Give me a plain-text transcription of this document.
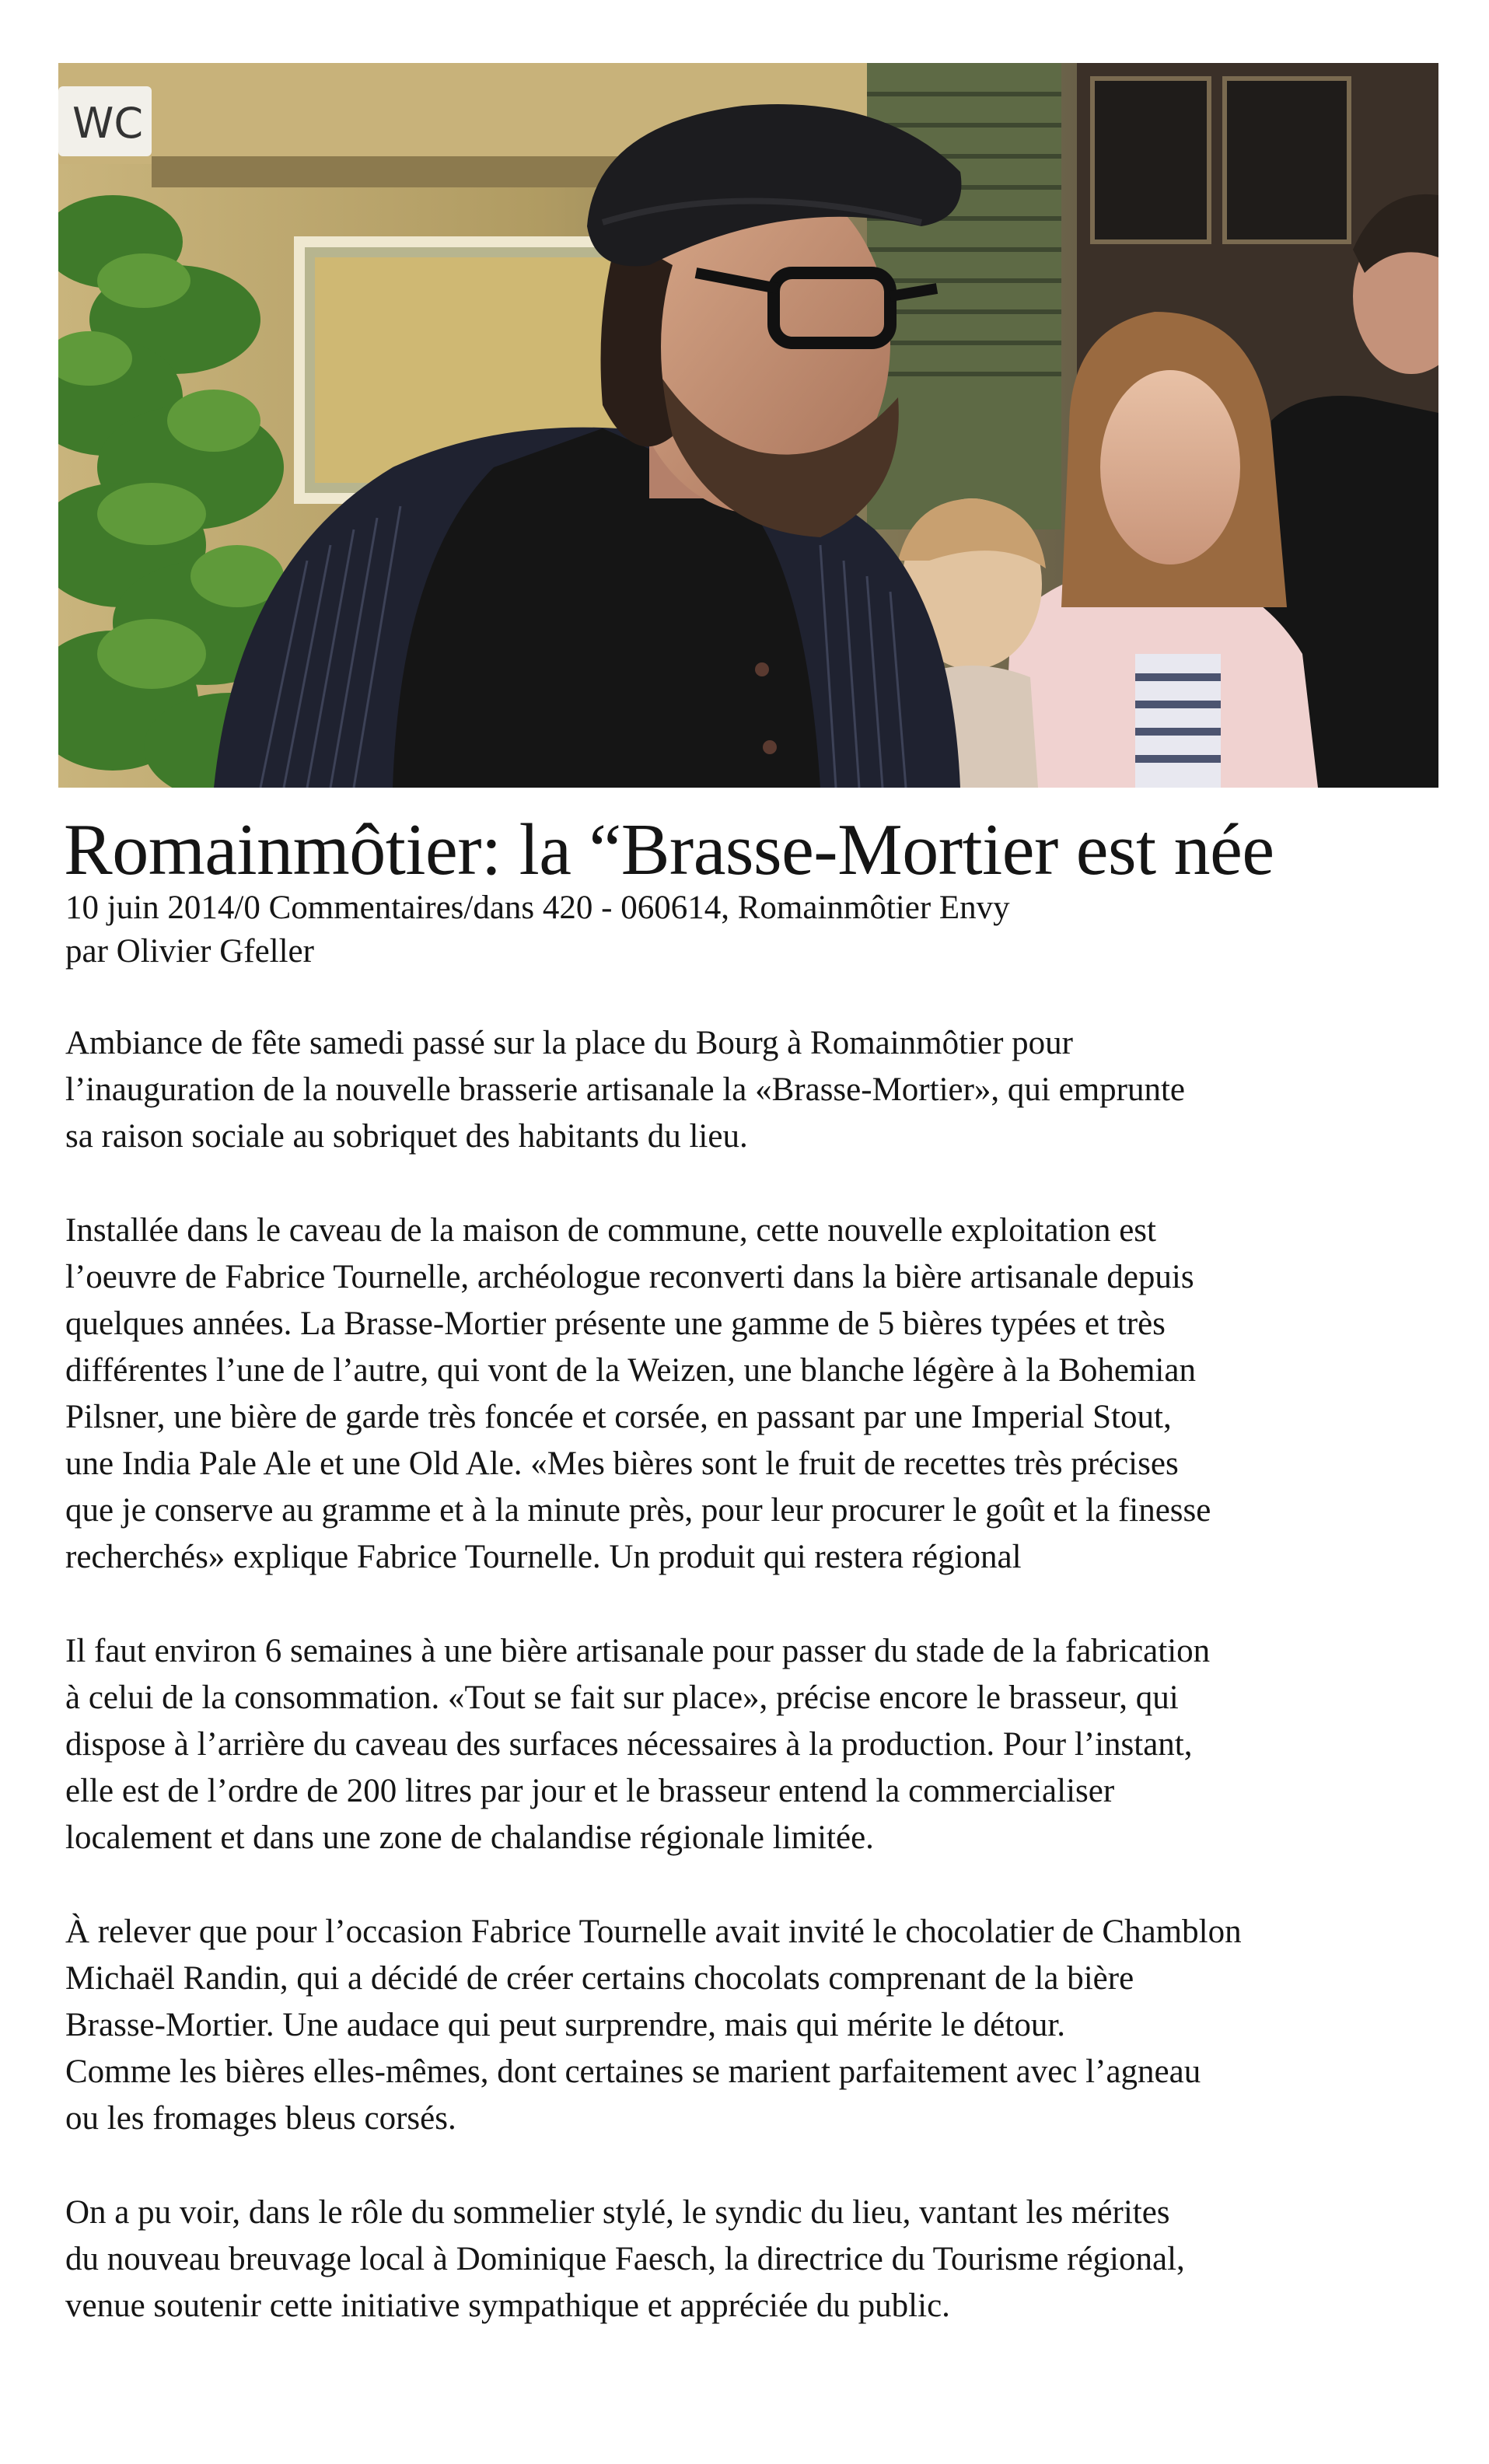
WC
Romainmôtier: la “Brasse-Mortier est née
10 juin 2014/0 Commentaires/dans 420 - 060614, Romainmôtier Envy
par Olivier Gfeller

Ambiance de fête samedi passé sur la place du Bourg à Romainmôtier pour
l’inauguration de la nouvelle brasserie artisanale la «Brasse-Mortier», qui emprunte
sa raison sociale au sobriquet des habitants du lieu.

Installée dans le caveau de la maison de commune, cette nouvelle exploitation est
l’oeuvre de Fabrice Tournelle, archéologue reconverti dans la bière artisanale depuis
quelques années. La Brasse-Mortier présente une gamme de 5 bières typées et très
différentes l’une de l’autre, qui vont de la Weizen, une blanche légère à la Bohemian
Pilsner, une bière de garde très foncée et corsée, en passant par une Imperial Stout,
une India Pale Ale et une Old Ale. «Mes bières sont le fruit de recettes très précises
que je conserve au gramme et à la minute près, pour leur procurer le goût et la finesse
recherchés» explique Fabrice Tournelle. Un produit qui restera régional

Il faut environ 6 semaines à une bière artisanale pour passer du stade de la fabrication
à celui de la consommation. «Tout se fait sur place», précise encore le brasseur, qui
dispose à l’arrière du caveau des surfaces nécessaires à la production. Pour l’instant,
elle est de l’ordre de 200 litres par jour et le brasseur entend la commercialiser
localement et dans une zone de chalandise régionale limitée.

À relever que pour l’occasion Fabrice Tournelle avait invité le chocolatier de Chamblon
Michaël Randin, qui a décidé de créer certains chocolats comprenant de la bière
Brasse-Mortier. Une audace qui peut surprendre, mais qui mérite le détour.
Comme les bières elles-mêmes, dont certaines se marient parfaitement avec l’agneau
ou les fromages bleus corsés.

On a pu voir, dans le rôle du sommelier stylé, le syndic du lieu, vantant les mérites
du nouveau breuvage local à Dominique Faesch, la directrice du Tourisme régional,
venue soutenir cette initiative sympathique et appréciée du public.
